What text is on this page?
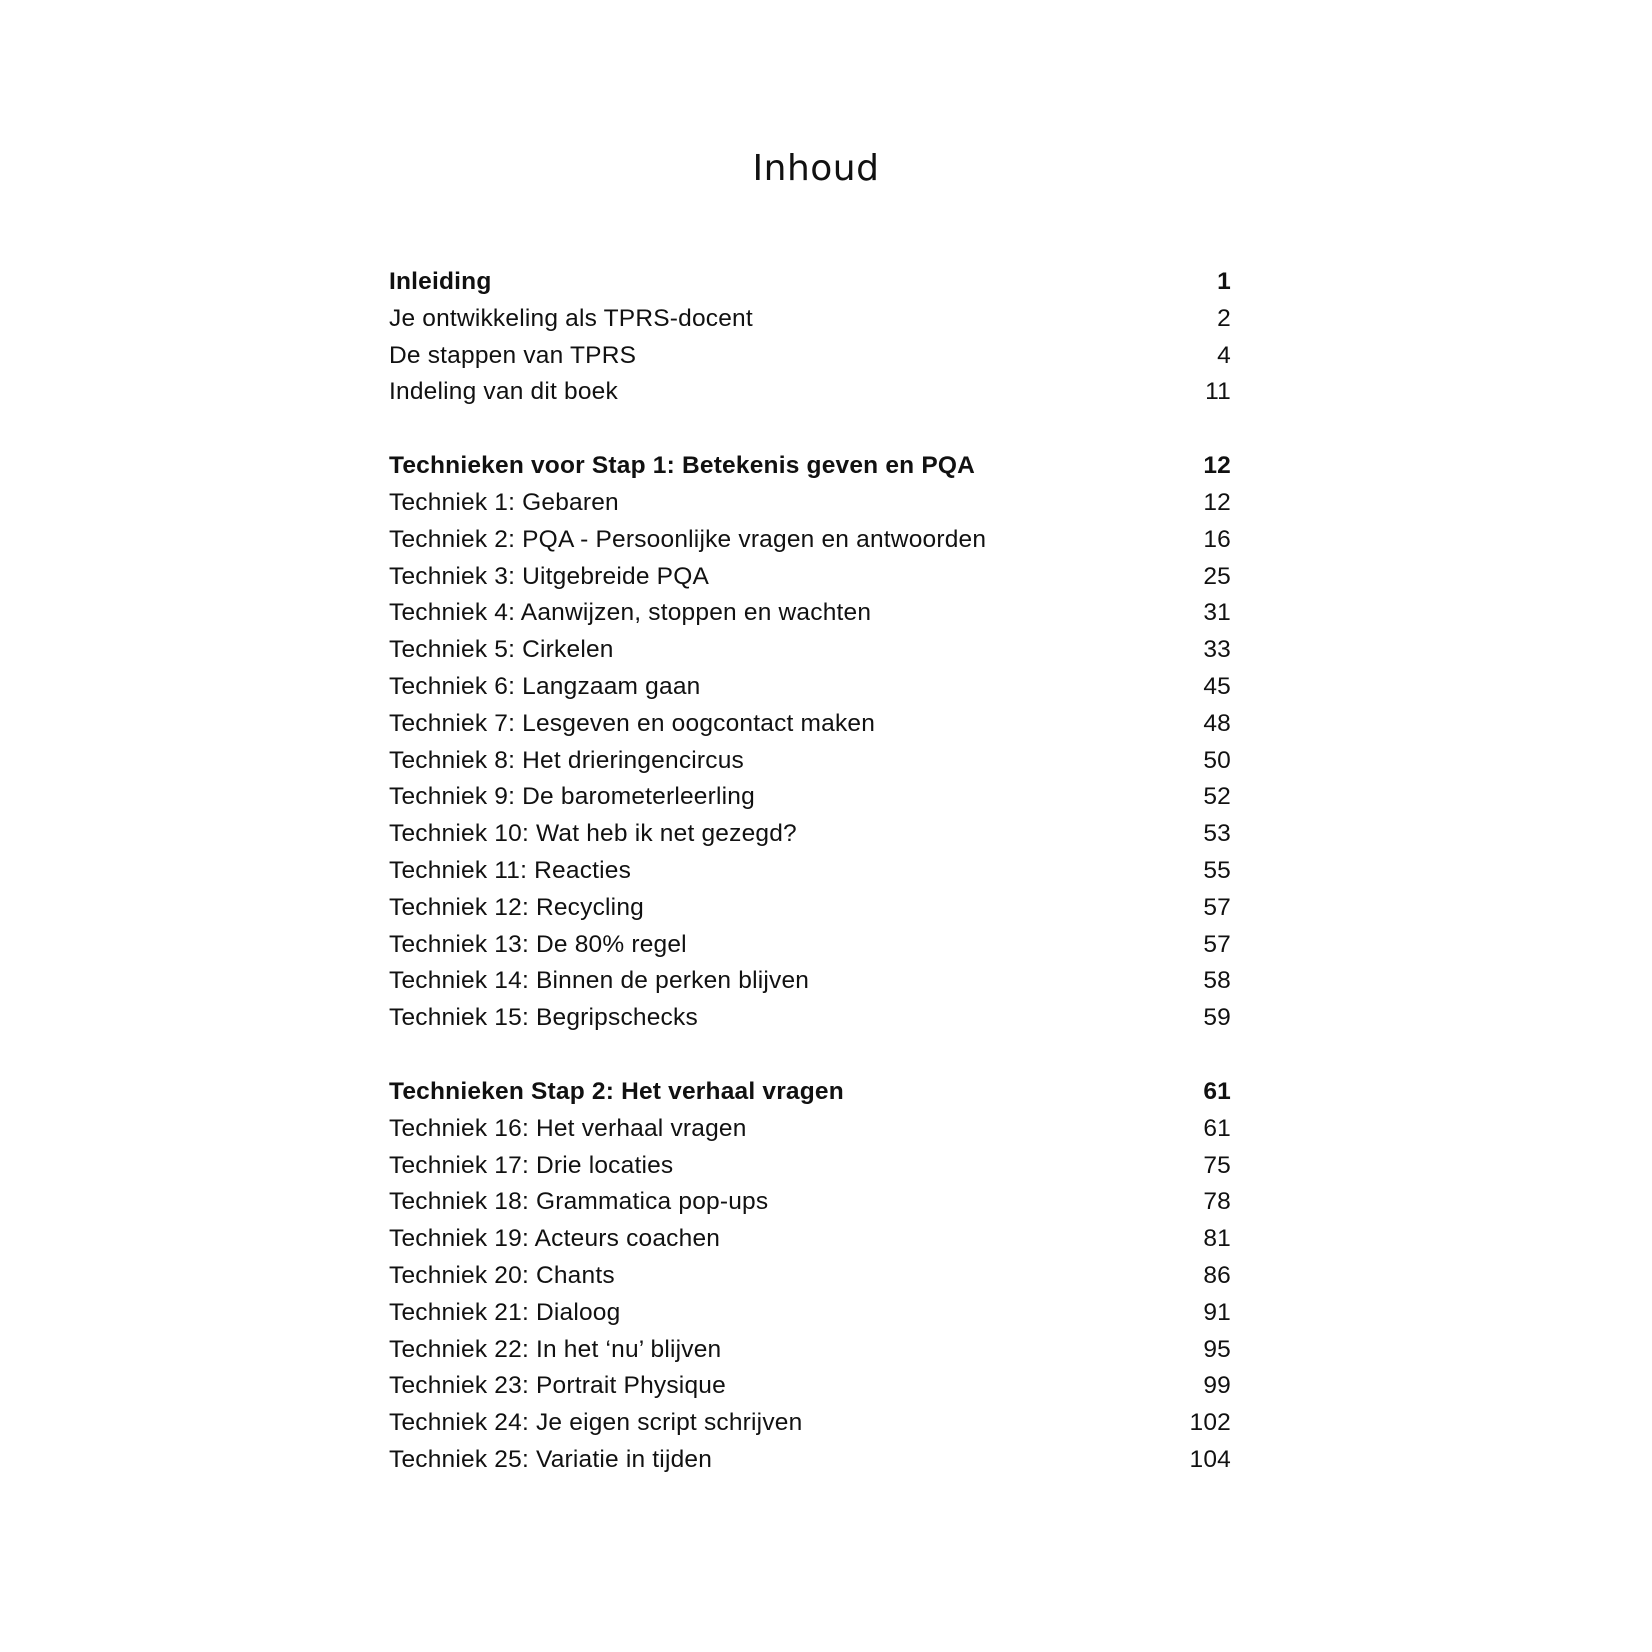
Inhoud
Inleiding	1
Je ontwikkeling als TPRS-docent	2
De stappen van TPRS	4
Indeling van dit boek	11
Technieken voor Stap 1: Betekenis geven en PQA	12
Techniek 1: Gebaren	12
Techniek 2: PQA - Persoonlijke vragen en antwoorden	16
Techniek 3: Uitgebreide PQA	25
Techniek 4: Aanwijzen, stoppen en wachten	31
Techniek 5: Cirkelen	33
Techniek 6: Langzaam gaan	45
Techniek 7: Lesgeven en oogcontact maken	48
Techniek 8: Het drieringencircus	50
Techniek 9: De barometerleerling	52
Techniek 10: Wat heb ik net gezegd?	53
Techniek 11: Reacties	55
Techniek 12: Recycling	57
Techniek 13: De 80% regel	57
Techniek 14: Binnen de perken blijven	58
Techniek 15: Begripschecks	59
Technieken Stap 2: Het verhaal vragen	61
Techniek 16: Het verhaal vragen	61
Techniek 17: Drie locaties	75
Techniek 18: Grammatica pop-ups	78
Techniek 19: Acteurs coachen	81
Techniek 20: Chants	86
Techniek 21: Dialoog	91
Techniek 22: In het ‘nu’ blijven	95
Techniek 23: Portrait Physique	99
Techniek 24: Je eigen script schrijven	102
Techniek 25: Variatie in tijden	104
